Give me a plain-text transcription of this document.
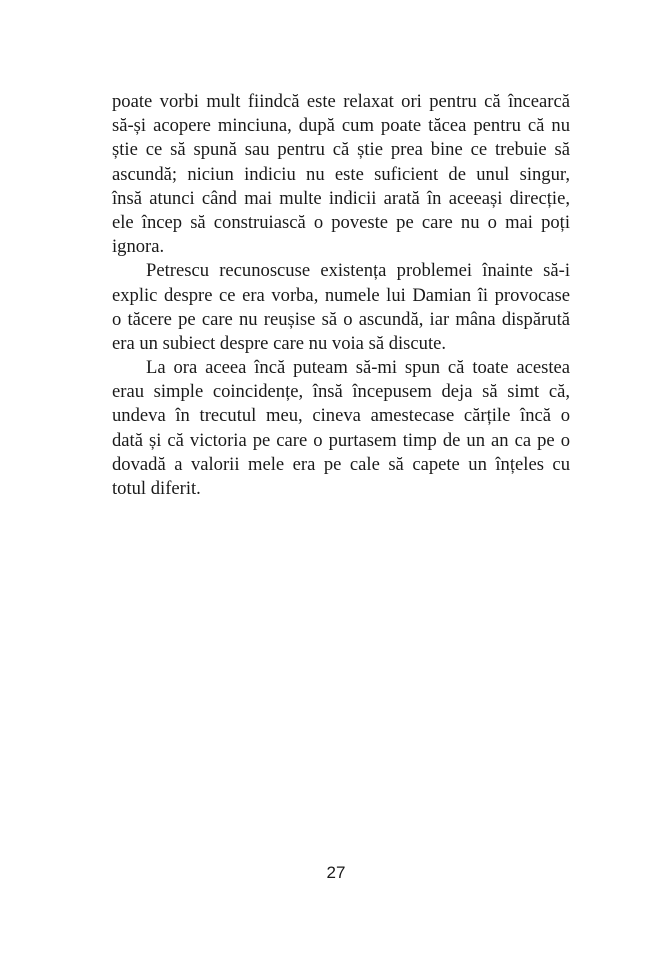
poate vorbi mult fiindcă este relaxat ori pentru că încearcă
să-și acopere minciuna, după cum poate tăcea pentru că nu
știe ce să spună sau pentru că știe prea bine ce trebuie să
ascundă; niciun indiciu nu este suficient de unul singur,
însă atunci când mai multe indicii arată în aceeași direcție,
ele încep să construiască o poveste pe care nu o mai poți
ignora.
Petrescu recunoscuse existența problemei înainte să-i
explic despre ce era vorba, numele lui Damian îi provocase
o tăcere pe care nu reușise să o ascundă, iar mâna dispărută
era un subiect despre care nu voia să discute.
La ora aceea încă puteam să-mi spun că toate acestea
erau simple coincidențe, însă începusem deja să simt că,
undeva în trecutul meu, cineva amestecase cărțile încă o
dată și că victoria pe care o purtasem timp de un an ca pe o
dovadă a valorii mele era pe cale să capete un înțeles cu
totul diferit.
27
